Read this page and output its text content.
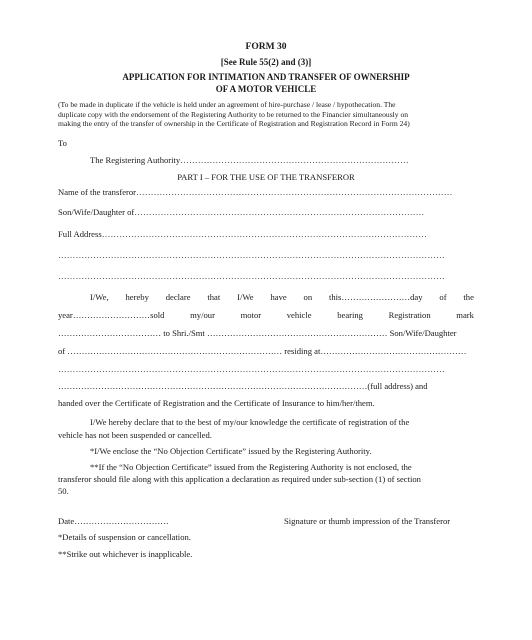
FORM 30
[See Rule 55(2) and (3)]
APPLICATION FOR INTIMATION AND TRANSFER OF OWNERSHIP
OF A MOTOR VEHICLE
(To be made in duplicate if the vehicle is held under an agreement of hire-purchase / lease / hypothecation. The
duplicate copy with the endorsement of the Registering Authority to be returned to the Financier simultaneously on
making the entry of the transfer of ownership in the Certificate of Registration and Registration Record in Form 24)
To
The Registering Authority……………………………………………………………………
PART I – FOR THE USE OF THE TRANSFEROR
Name of the transferor………………………………………………………………………………………………
Son/Wife/Daughter of………………………………………………………………………………………
Full Address…………………………………………………………………………………………………
……………………………………………………………………………………………………………………
……………………………………………………………………………………………………………………
I/We, hereby declare that I/We have on this……………………day of the
year………………………sold	my/our	motor	vehicle	bearing	Registration	mark
……………………………… to Shri./Smt ……………………………………………………… Son/Wife/Daughter
of ………………………………………………………………… residing at……………………………………………
……………………………………………………………………………………………………………………
………………………………………………………………………………………………(full address) and
handed over the Certificate of Registration and the Certificate of Insurance to him/her/them.
I/We hereby declare that to the best of my/our knowledge the certificate of registration of the
vehicle has not been suspended or cancelled.
*I/We enclose the “No Objection Certificate” issued by the Registering Authority.
**If the “No Objection Certificate” issued from the Registering Authority is not enclosed, the
transferor should file along with this application a declaration as required under sub-section (1) of section
50.
Date……………………………	Signature or thumb impression of the Transferor
*Details of suspension or cancellation.
**Strike out whichever is inapplicable.
